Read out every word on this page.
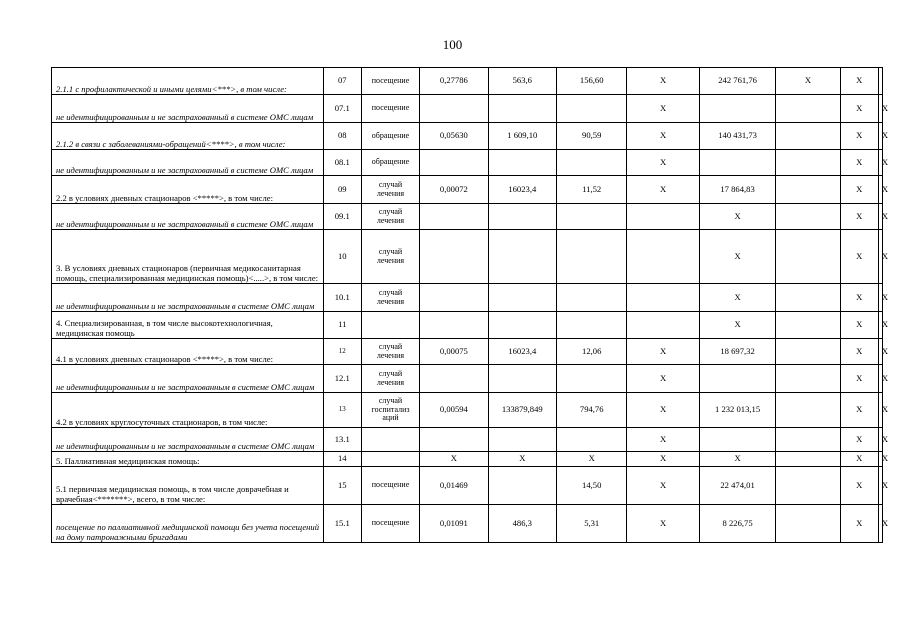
100
2.1.1 с профилактической и иными целями<***>, в том числе:	07	посещение	0,27786	563,6	156,60	Х	242 761,76	Х	Х	
не идентифицированным и не застрахованный в системе ОМС лицам	07.1	посещение				Х			Х	Х
2.1.2 в связи с заболеваниями-обращений<****>, в том числе:	08	обращение	0,05630	1 609,10	90,59	Х	140 431,73		Х	Х
не идентифицированным и не застрахованный в системе ОМС лицам	08.1	обращение				Х			Х	Х
2.2 в условиях дневных стационаров <*****>, в том числе:	09	случай лечения	0,00072	16023,4	11,52	Х	17 864,83		Х	Х
не идентифицированным и не застрахованный в системе ОМС лицам	09.1	случай лечения					Х		Х	Х
3. В условиях дневных стационаров (первичная медикосанитарная помощь, специализированная медицинская помощь)<.....>, в том числе:	10	случай лечения					Х		Х	Х
не идентифицированным и не застрахованным в системе ОМС лицам	10.1	случай лечения					Х		Х	Х
4. Специализированная, в том числе высокотехнологичная, медицинская помощь	11						Х		Х	Х
4.1 в условиях дневных стационаров <*****>, в том числе:	12	случай лечения	0,00075	16023,4	12,06	Х	18 697,32		Х	Х
не идентифицированным и не застрахованным в системе ОМС лицам	12.1	случай лечения				Х			Х	Х
4.2 в условиях круглосуточных стационаров, в том числе:	13	случай госпитализ аций	0,00594	133879,849	794,76	Х	1 232 013,15		Х	Х
не идентифицированным и не застрахованным в системе ОМС лицам	13.1					Х			Х	Х
5. Паллиативная медицинская помощь:	14		Х	Х	Х	Х	Х		Х	Х
5.1 первичная медицинская помощь, в том числе доврачебная и врачебная<*******>, всего, в том числе:	15	посещение	0,01469		14,50	Х	22 474,01		Х	Х
посещение по паллиативной медицинской помощи без учета посещений на дому патронажными бригадами	15.1	посещение	0,01091	486,3	5,31	Х	8 226,75		Х	Х
